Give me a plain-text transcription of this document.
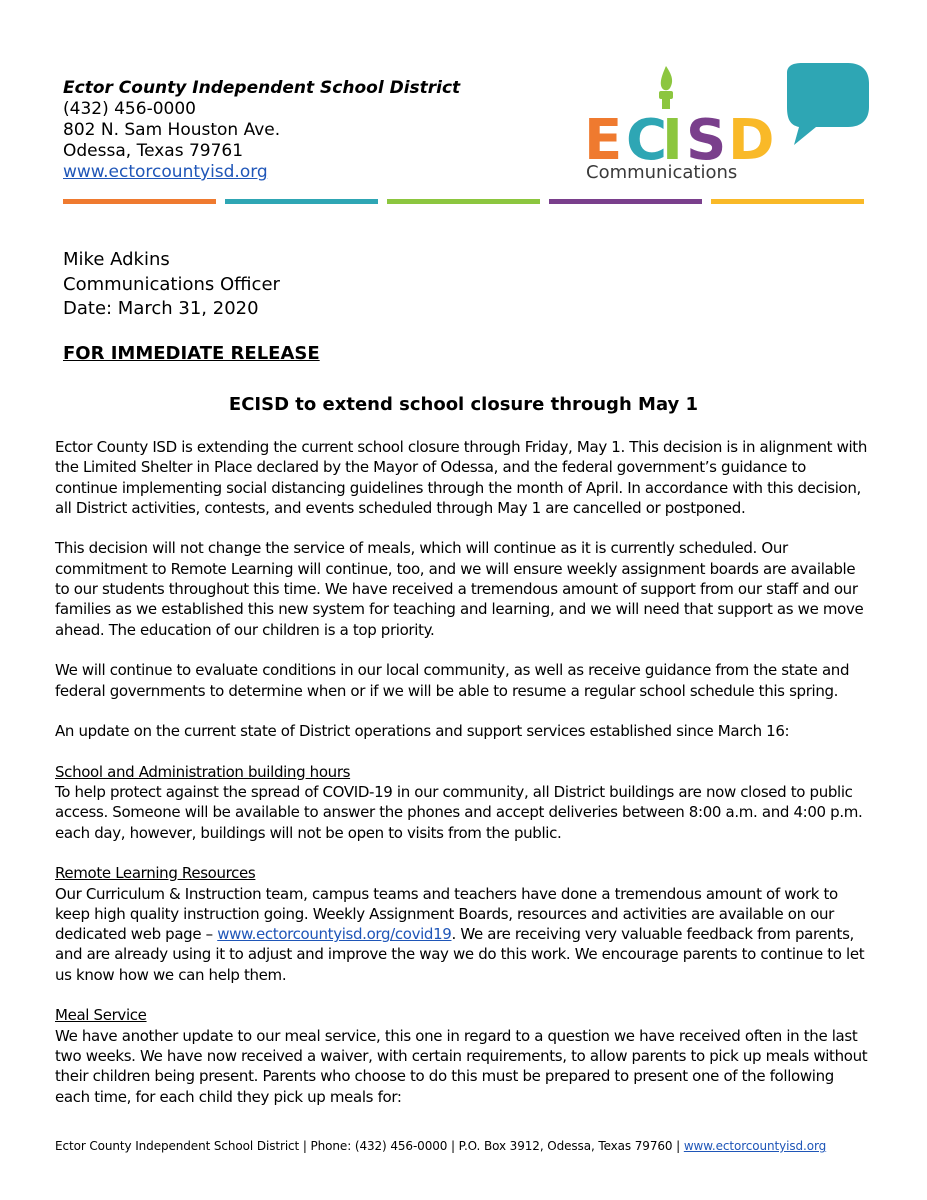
Ector County Independent School District
(432) 456-0000
802 N. Sam Houston Ave.
Odessa, Texas 79761
www.ectorcountyisd.org	E C
I S D
Communications
Mike Adkins
Communications Officer
Date: March 31, 2020
FOR IMMEDIATE RELEASE
ECISD to extend school closure through May 1

Ector County ISD is extending the current school closure through Friday, May 1. This decision is in alignment with the Limited Shelter in Place declared by the Mayor of Odessa, and the federal government’s guidance to continue implementing social distancing guidelines through the month of April. In accordance with this decision, all District activities, contests, and events scheduled through May 1 are cancelled or postponed.

This decision will not change the service of meals, which will continue as it is currently scheduled. Our commitment to Remote Learning will continue, too, and we will ensure weekly assignment boards are available to our students throughout this time. We have received a tremendous amount of support from our staff and our families as we established this new system for teaching and learning, and we will need that support as we move ahead. The education of our children is a top priority.

We will continue to evaluate conditions in our local community, as well as receive guidance from the state and federal governments to determine when or if we will be able to resume a regular school schedule this spring.

An update on the current state of District operations and support services established since March 16:

School and Administration building hours
To help protect against the spread of COVID-19 in our community, all District buildings are now closed to public access. Someone will be available to answer the phones and accept deliveries between 8:00 a.m. and 4:00 p.m. each day, however, buildings will not be open to visits from the public.

Remote Learning Resources
Our Curriculum & Instruction team, campus teams and teachers have done a tremendous amount of work to keep high quality instruction going. Weekly Assignment Boards, resources and activities are available on our dedicated web page – www.ectorcountyisd.org/covid19. We are receiving very valuable feedback from parents, and are already using it to adjust and improve the way we do this work. We encourage parents to continue to let us know how we can help them.

Meal Service
We have another update to our meal service, this one in regard to a question we have received often in the last two weeks. We have now received a waiver, with certain requirements, to allow parents to pick up meals without their children being present. Parents who choose to do this must be prepared to present one of the following each time, for each child they pick up meals for:

Ector County Independent School District | Phone: (432) 456-0000 | P.O. Box 3912, Odessa, Texas 79760 | www.ectorcountyisd.org
